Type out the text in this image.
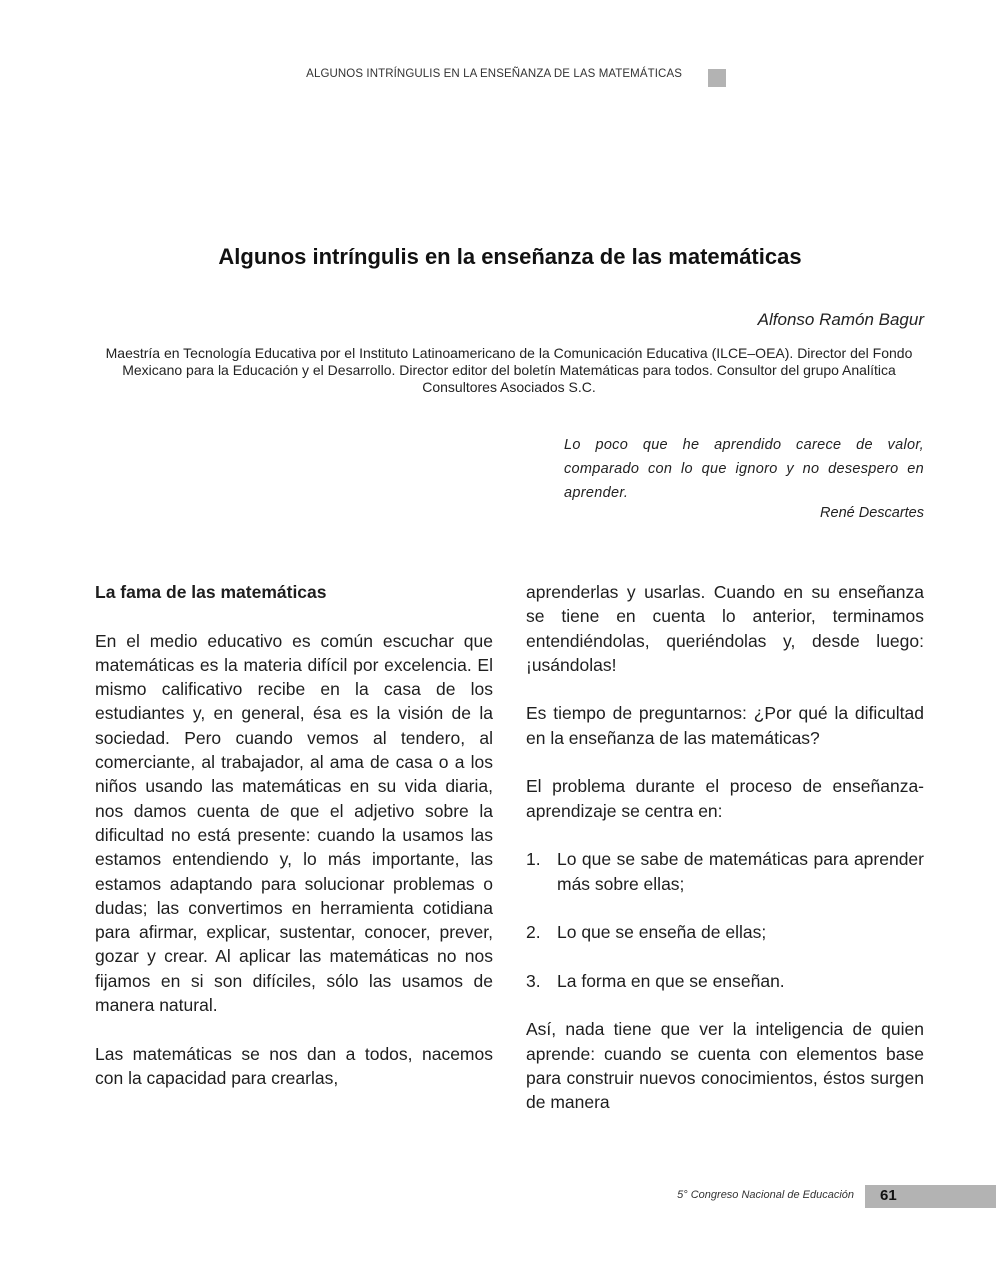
ALGUNOS INTRÍNGULIS EN LA ENSEÑANZA DE LAS MATEMÁTICAS
Algunos intríngulis en la enseñanza de las matemáticas
Alfonso Ramón Bagur
Maestría en Tecnología Educativa por el Instituto Latinoamericano de la Comunicación Educativa (ILCE–OEA). Director del Fondo Mexicano para la Educación y el Desarrollo. Director editor del boletín Matemáticas para todos. Consultor del grupo Analítica Consultores Asociados S.C.
Lo poco que he aprendido carece de valor, comparado con lo que ignoro y no desespero en aprender.
René Descartes
La fama de las matemáticas

En el medio educativo es común escuchar que matemáticas es la materia difícil por excelencia. El mismo calificativo recibe en la casa de los estudiantes y, en general, ésa es la visión de la sociedad. Pero cuando vemos al tendero, al comerciante, al trabajador, al ama de casa o a los niños usando las matemáticas en su vida diaria, nos damos cuenta de que el adjetivo sobre la dificultad no está presente: cuando la usamos las estamos entendiendo y, lo más importante, las estamos adaptando para solucionar problemas o dudas; las convertimos en herramienta cotidiana para afirmar, explicar, sustentar, conocer, prever, gozar y crear. Al aplicar las matemáticas no nos fijamos en si son difíciles, sólo las usamos de manera natural.

Las matemáticas se nos dan a todos, nacemos con la capacidad para crearlas,

aprenderlas y usarlas. Cuando en su enseñanza se tiene en cuenta lo anterior, terminamos entendiéndolas, queriéndolas y, desde luego: ¡usándolas!

Es tiempo de preguntarnos: ¿Por qué la dificultad en la enseñanza de las matemáticas?

El problema durante el proceso de enseñanza-aprendizaje se centra en:

1. Lo que se sabe de matemáticas para aprender más sobre ellas;
2. Lo que se enseña de ellas;
3. La forma en que se enseñan.

Así, nada tiene que ver la inteligencia de quien aprende: cuando se cuenta con elementos base para construir nuevos conocimientos, éstos surgen de manera

5° Congreso Nacional de Educación 61
